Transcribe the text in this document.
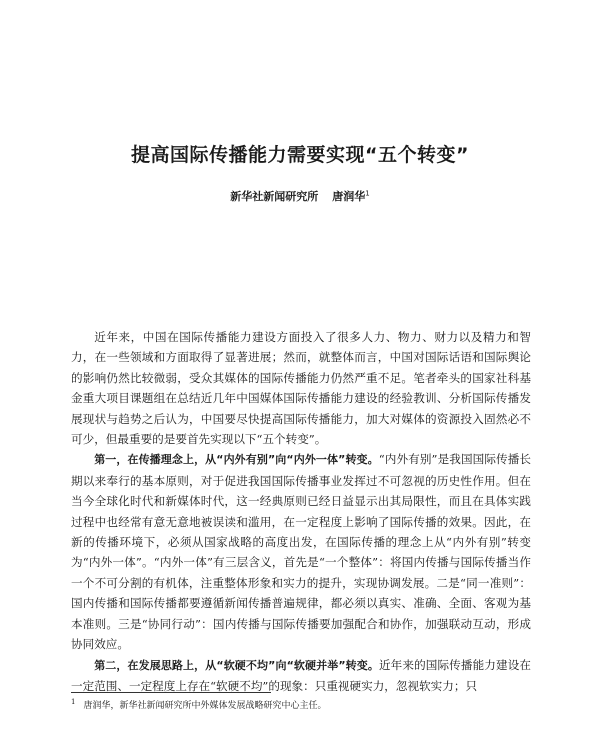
提高国际传播能力需要实现“五个转变”
新华社新闻研究所 唐润华$^1$

近年来，中国在国际传播能力建设方面投入了很多人力、物力、财力以及精力和智力，在一些领域和方面取得了显著进展；然而，就整体而言，中国对国际话语和国际舆论的影响仍然比较微弱，受众其媒体的国际传播能力仍然严重不足。笔者牵头的国家社科基金重大项目课题组在总结近几年中国媒体国际传播能力建设的经验教训、分析国际传播发展现状与趋势之后认为，中国要尽快提高国际传播能力，加大对媒体的资源投入固然必不可少，但最重要的是要首先实现以下“五个转变”。

第一，在传播理念上，从“内外有别”向“内外一体”转变。“内外有别”是我国国际传播长期以来奉行的基本原则，对于促进我国国际传播事业发挥过不可忽视的历史性作用。但在当今全球化时代和新媒体时代，这一经典原则已经日益显示出其局限性，而且在具体实践过程中也经常有意无意地被误读和滥用，在一定程度上影响了国际传播的效果。因此，在新的传播环境下，必须从国家战略的高度出发，在国际传播的理念上从“内外有别”转变为“内外一体”。“内外一体”有三层含义，首先是“一个整体”：将国内传播与国际传播当作一个不可分割的有机体，注重整体形象和实力的提升，实现协调发展。二是“同一准则”：国内传播和国际传播都要遵循新闻传播普遍规律，都必须以真实、准确、全面、客观为基本准则。三是“协同行动”：国内传播与国际传播要加强配合和协作，加强联动互动，形成协同效应。

第二，在发展思路上，从“软硬不均”向“软硬并举”转变。近年来的国际传播能力建设在一定范围、一定程度上存在“软硬不均”的现象：只重视硬实力，忽视软实力；只

$^1$ 唐润华，新华社新闻研究所中外媒体发展战略研究中心主任。
